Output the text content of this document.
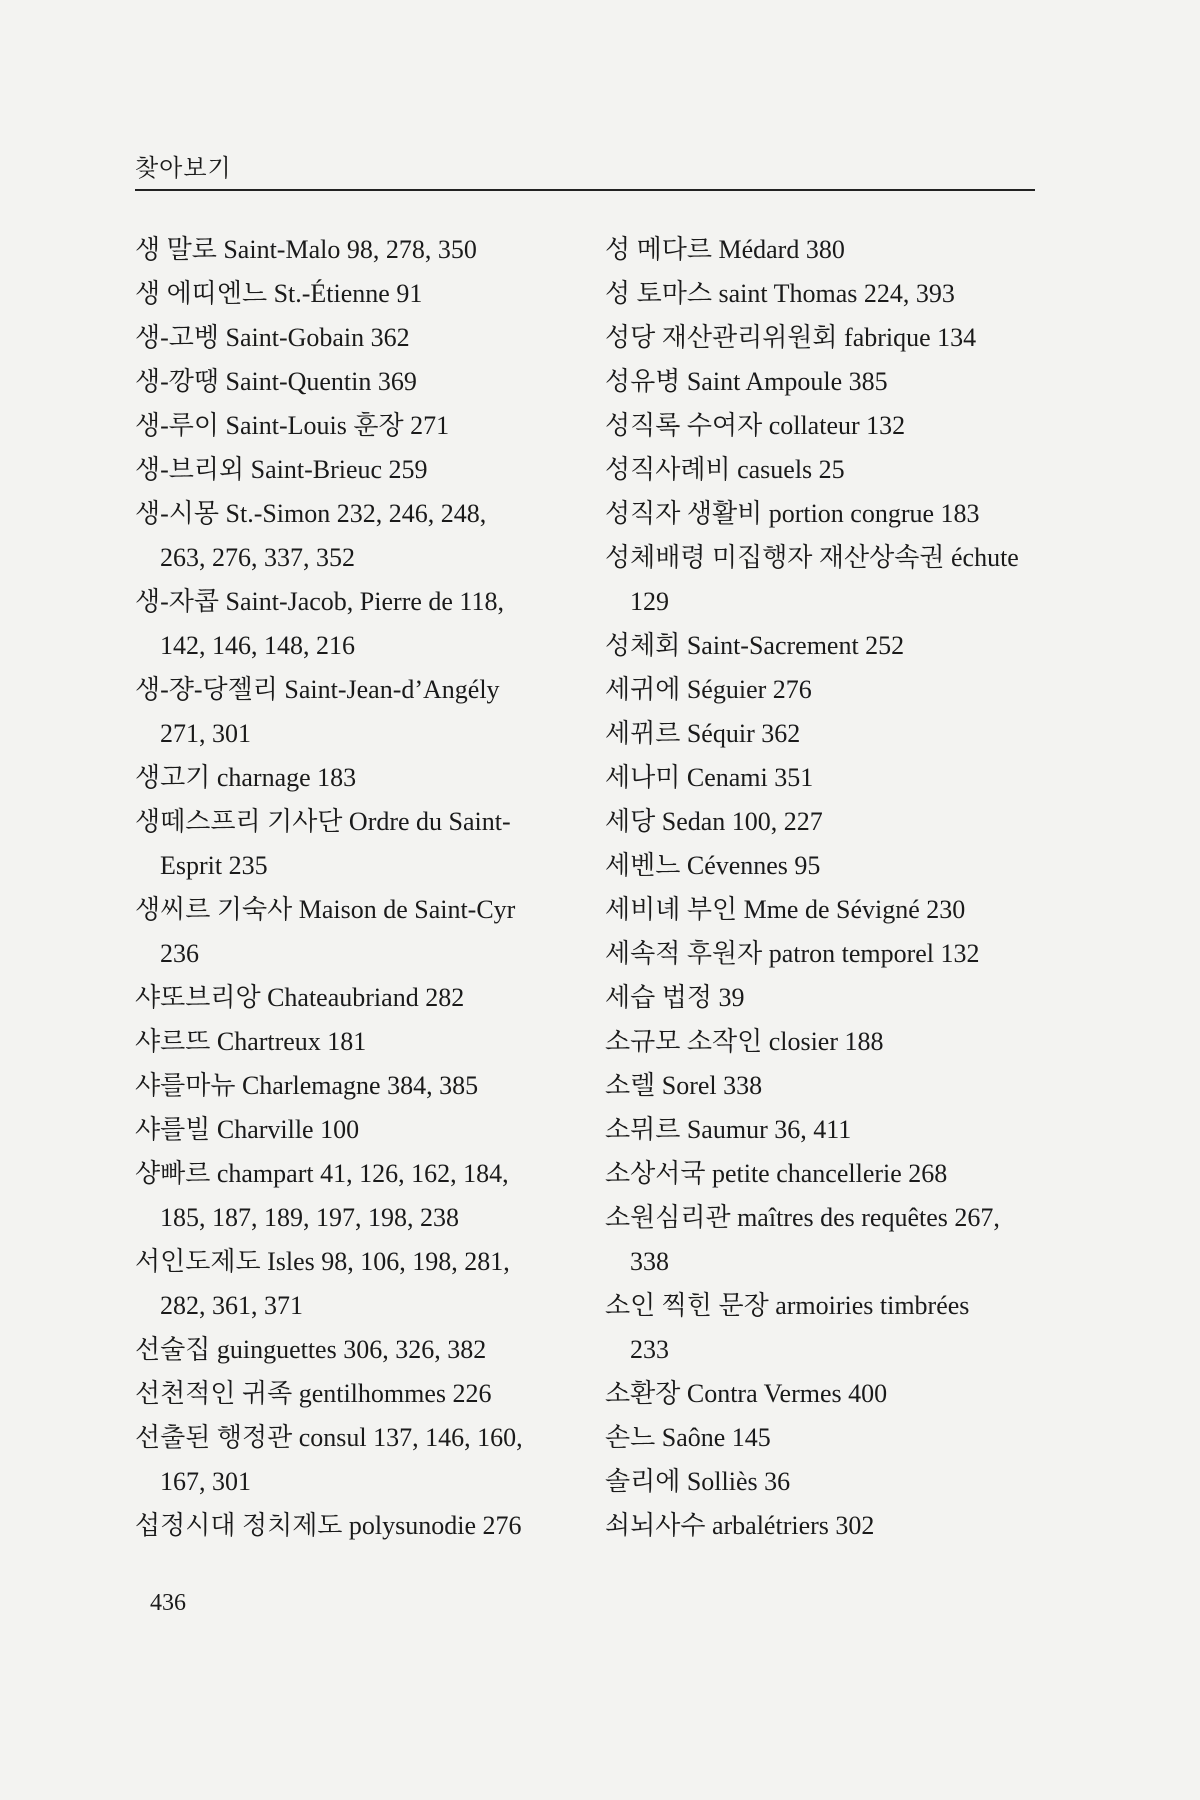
찾아보기
생 말로 Saint-Malo 98, 278, 350
생 에띠엔느 St.-Étienne 91
생-고벵 Saint-Gobain 362
생-깡땡 Saint-Quentin 369
생-루이 Saint-Louis 훈장 271
생-브리외 Saint-Brieuc 259
생-시몽 St.-Simon 232, 246, 248,
263, 276, 337, 352
생-자콥 Saint-Jacob, Pierre de 118,
142, 146, 148, 216
생-쟝-당젤리 Saint-Jean-d’Angély
271, 301
생고기 charnage 183
생떼스프리 기사단 Ordre du Saint-
Esprit 235
생씨르 기숙사 Maison de Saint-Cyr
236
샤또브리앙 Chateaubriand 282
샤르뜨 Chartreux 181
샤를마뉴 Charlemagne 384, 385
샤를빌 Charville 100
샹빠르 champart 41, 126, 162, 184,
185, 187, 189, 197, 198, 238
서인도제도 Isles 98, 106, 198, 281,
282, 361, 371
선술집 guinguettes 306, 326, 382
선천적인 귀족 gentilhommes 226
선출된 행정관 consul 137, 146, 160,
167, 301
섭정시대 정치제도 polysunodie 276
성 메다르 Médard 380
성 토마스 saint Thomas 224, 393
성당 재산관리위원회 fabrique 134
성유병 Saint Ampoule 385
성직록 수여자 collateur 132
성직사례비 casuels 25
성직자 생활비 portion congrue 183
성체배령 미집행자 재산상속권 échute
129
성체회 Saint-Sacrement 252
세귀에 Séguier 276
세뀌르 Séquir 362
세나미 Cenami 351
세당 Sedan 100, 227
세벤느 Cévennes 95
세비녜 부인 Mme de Sévigné 230
세속적 후원자 patron temporel 132
세습 법정 39
소규모 소작인 closier 188
소렐 Sorel 338
소뮈르 Saumur 36, 411
소상서국 petite chancellerie 268
소원심리관 maîtres des requêtes 267,
338
소인 찍힌 문장 armoiries timbrées
233
소환장 Contra Vermes 400
손느 Saône 145
솔리에 Solliès 36
쇠뇌사수 arbalétriers 302
436
